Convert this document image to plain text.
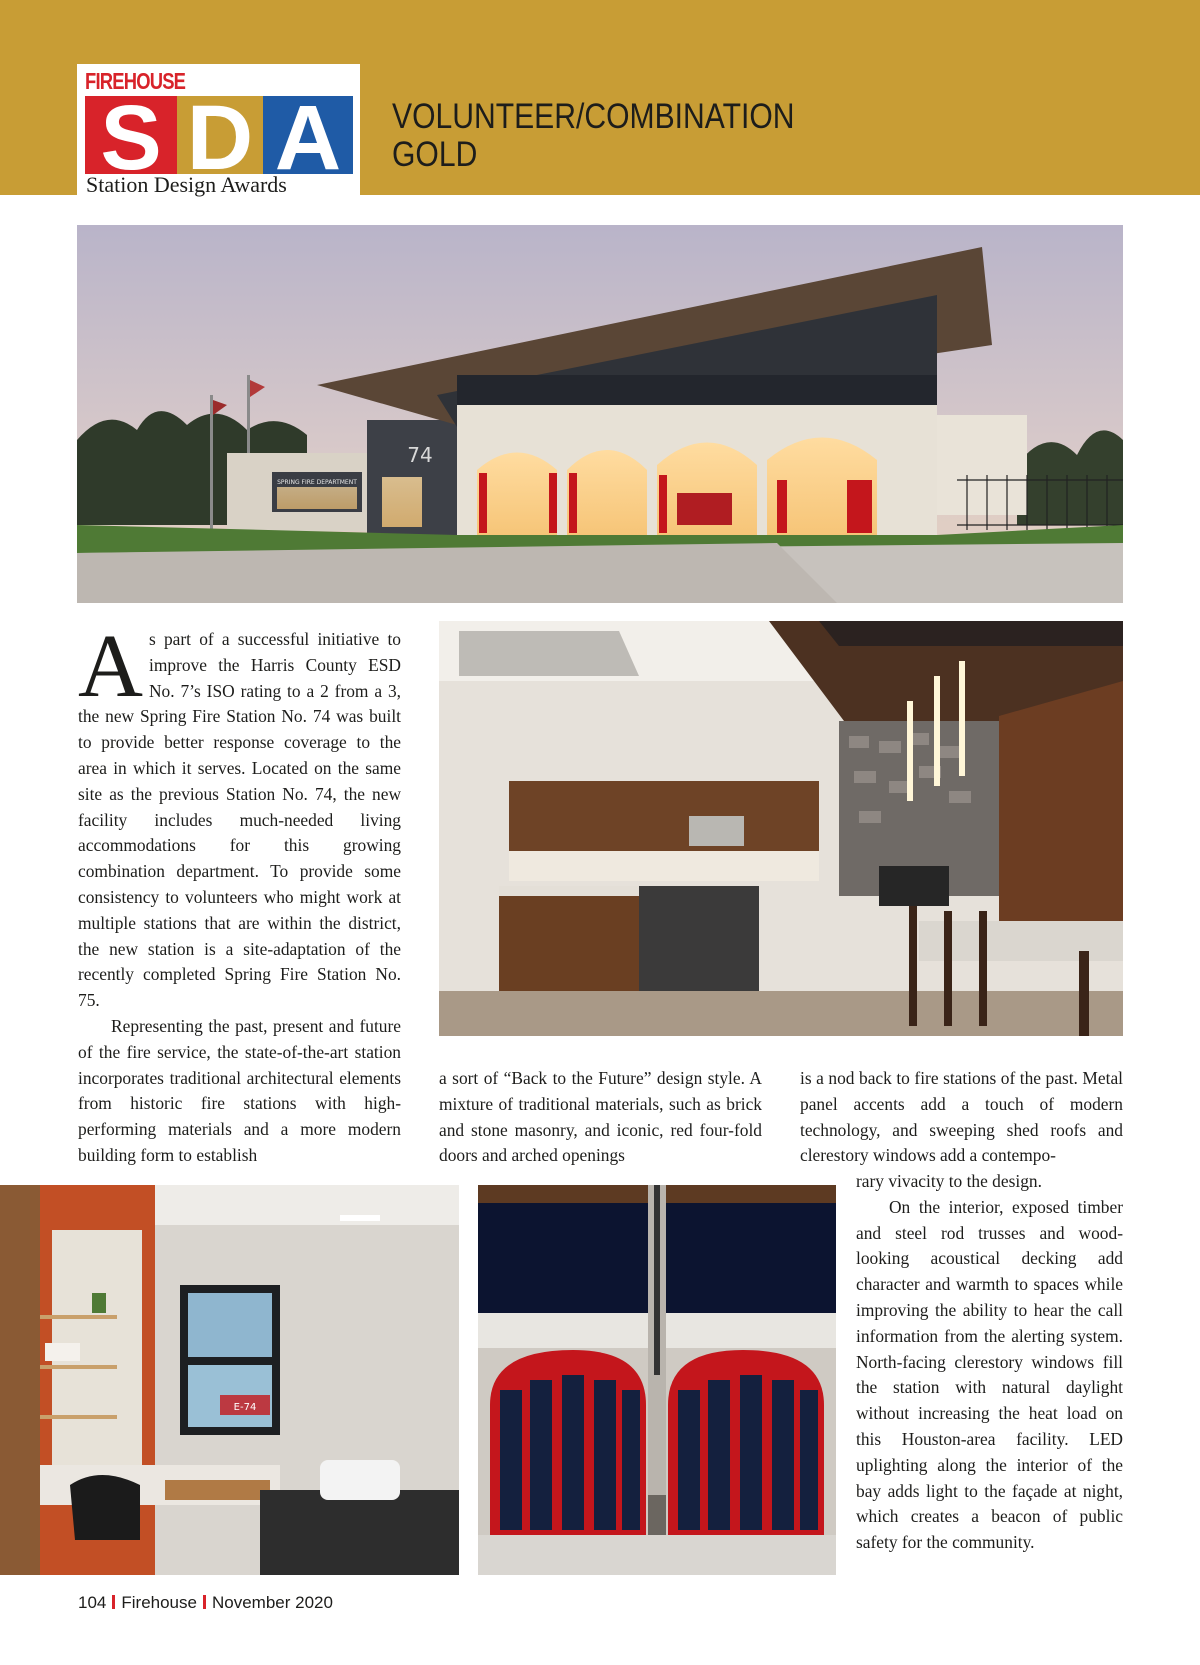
FIREHOUSE
S D A
Station Design Awards
VOLUNTEER/COMBINATION
GOLD
SPRING FIRE DEPARTMENT
74
E-74

As part of a successful initiative to improve the Harris County ESD No. 7’s ISO rating to a 2 from a 3, the new Spring Fire Station No. 74 was built to provide better response coverage to the area in which it serves. Located on the same site as the previous Station No. 74, the new facility includes much-needed living accommodations for this growing combination department. To provide some consistency to volunteers who might work at multiple stations that are within the district, the new station is a site-adaptation of the recently completed Spring Fire Station No. 75.

Representing the past, present and future of the fire service, the state-of-the-art station incorporates traditional architectural elements from historic fire stations with high-performing materials and a more modern building form to establish

a sort of “Back to the Future” design style. A mixture of traditional materials, such as brick and stone masonry, and iconic, red four-fold doors and arched openings

is a nod back to fire stations of the past. Metal panel accents add a touch of modern technology, and sweeping shed roofs and clerestory windows add a contempo-

rary vivacity to the design.

On the interior, exposed timber and steel rod trusses and wood-looking acoustical decking add character and warmth to spaces while improving the ability to hear the call information from the alerting system. North-facing clerestory windows fill the station with natural daylight without increasing the heat load on this Houston-area facility. LED uplighting along the interior of the bay adds light to the façade at night, which creates a beacon of public safety for the community.

104 Firehouse November 2020
